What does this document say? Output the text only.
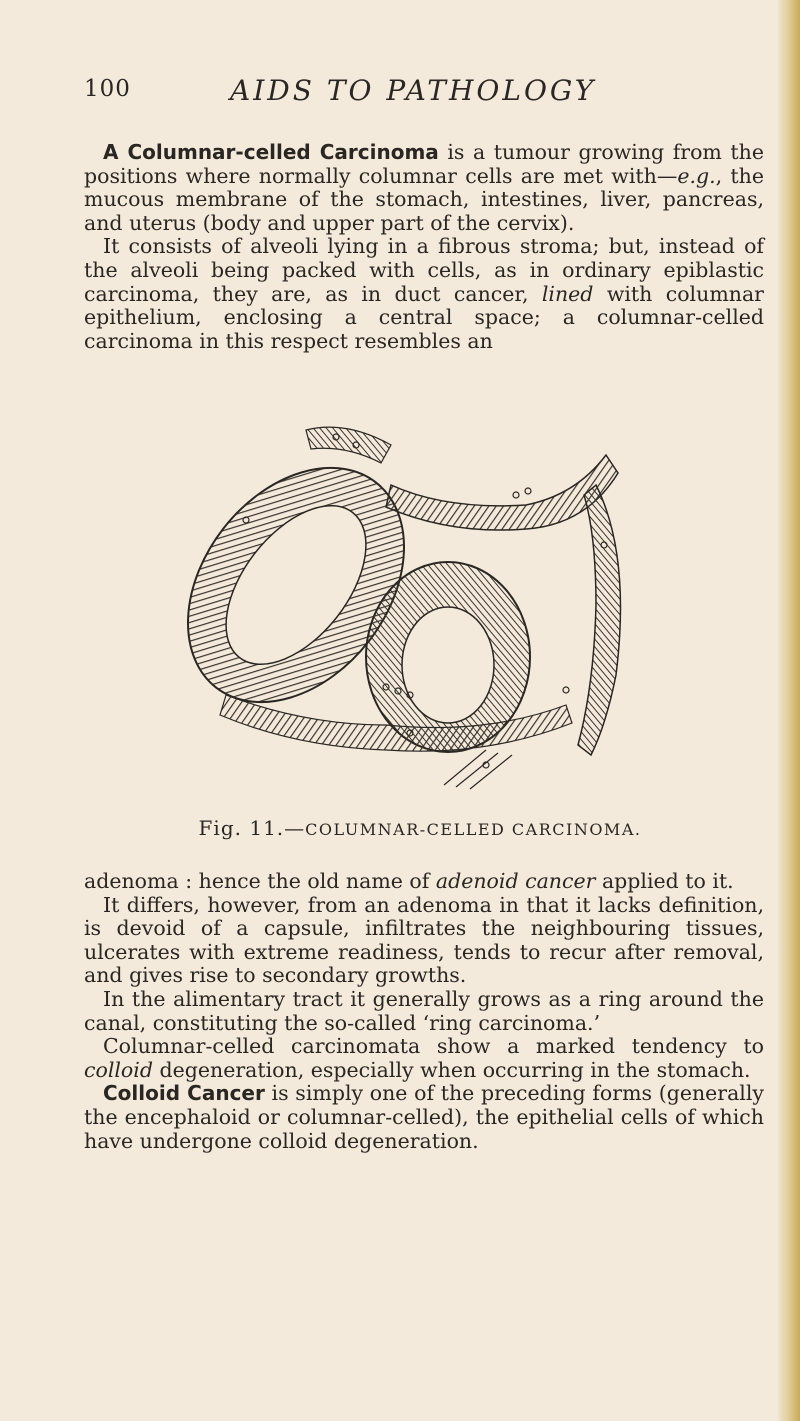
100	AIDS TO PATHOLOGY

A Columnar-celled Carcinoma is a tumour growing from the positions where normally columnar cells are met with—e.g., the mucous membrane of the stomach, intestines, liver, pancreas, and uterus (body and upper part of the cervix).

It consists of alveoli lying in a fibrous stroma; but, instead of the alveoli being packed with cells, as in ordinary epiblastic carcinoma, they are, as in duct cancer, lined with columnar epithelium, enclosing a central space; a columnar-celled carcinoma in this respect resembles an

Fig. 11.—COLUMNAR-CELLED CARCINOMA.

adenoma : hence the old name of adenoid cancer applied to it.

It differs, however, from an adenoma in that it lacks definition, is devoid of a capsule, infiltrates the neighbouring tissues, ulcerates with extreme readiness, tends to recur after removal, and gives rise to secondary growths.

In the alimentary tract it generally grows as a ring around the canal, constituting the so-called ‘ring carcinoma.’

Columnar-celled carcinomata show a marked tendency to colloid degeneration, especially when occurring in the stomach.

Colloid Cancer is simply one of the preceding forms (generally the encephaloid or columnar-celled), the epithelial cells of which have undergone colloid degeneration.
